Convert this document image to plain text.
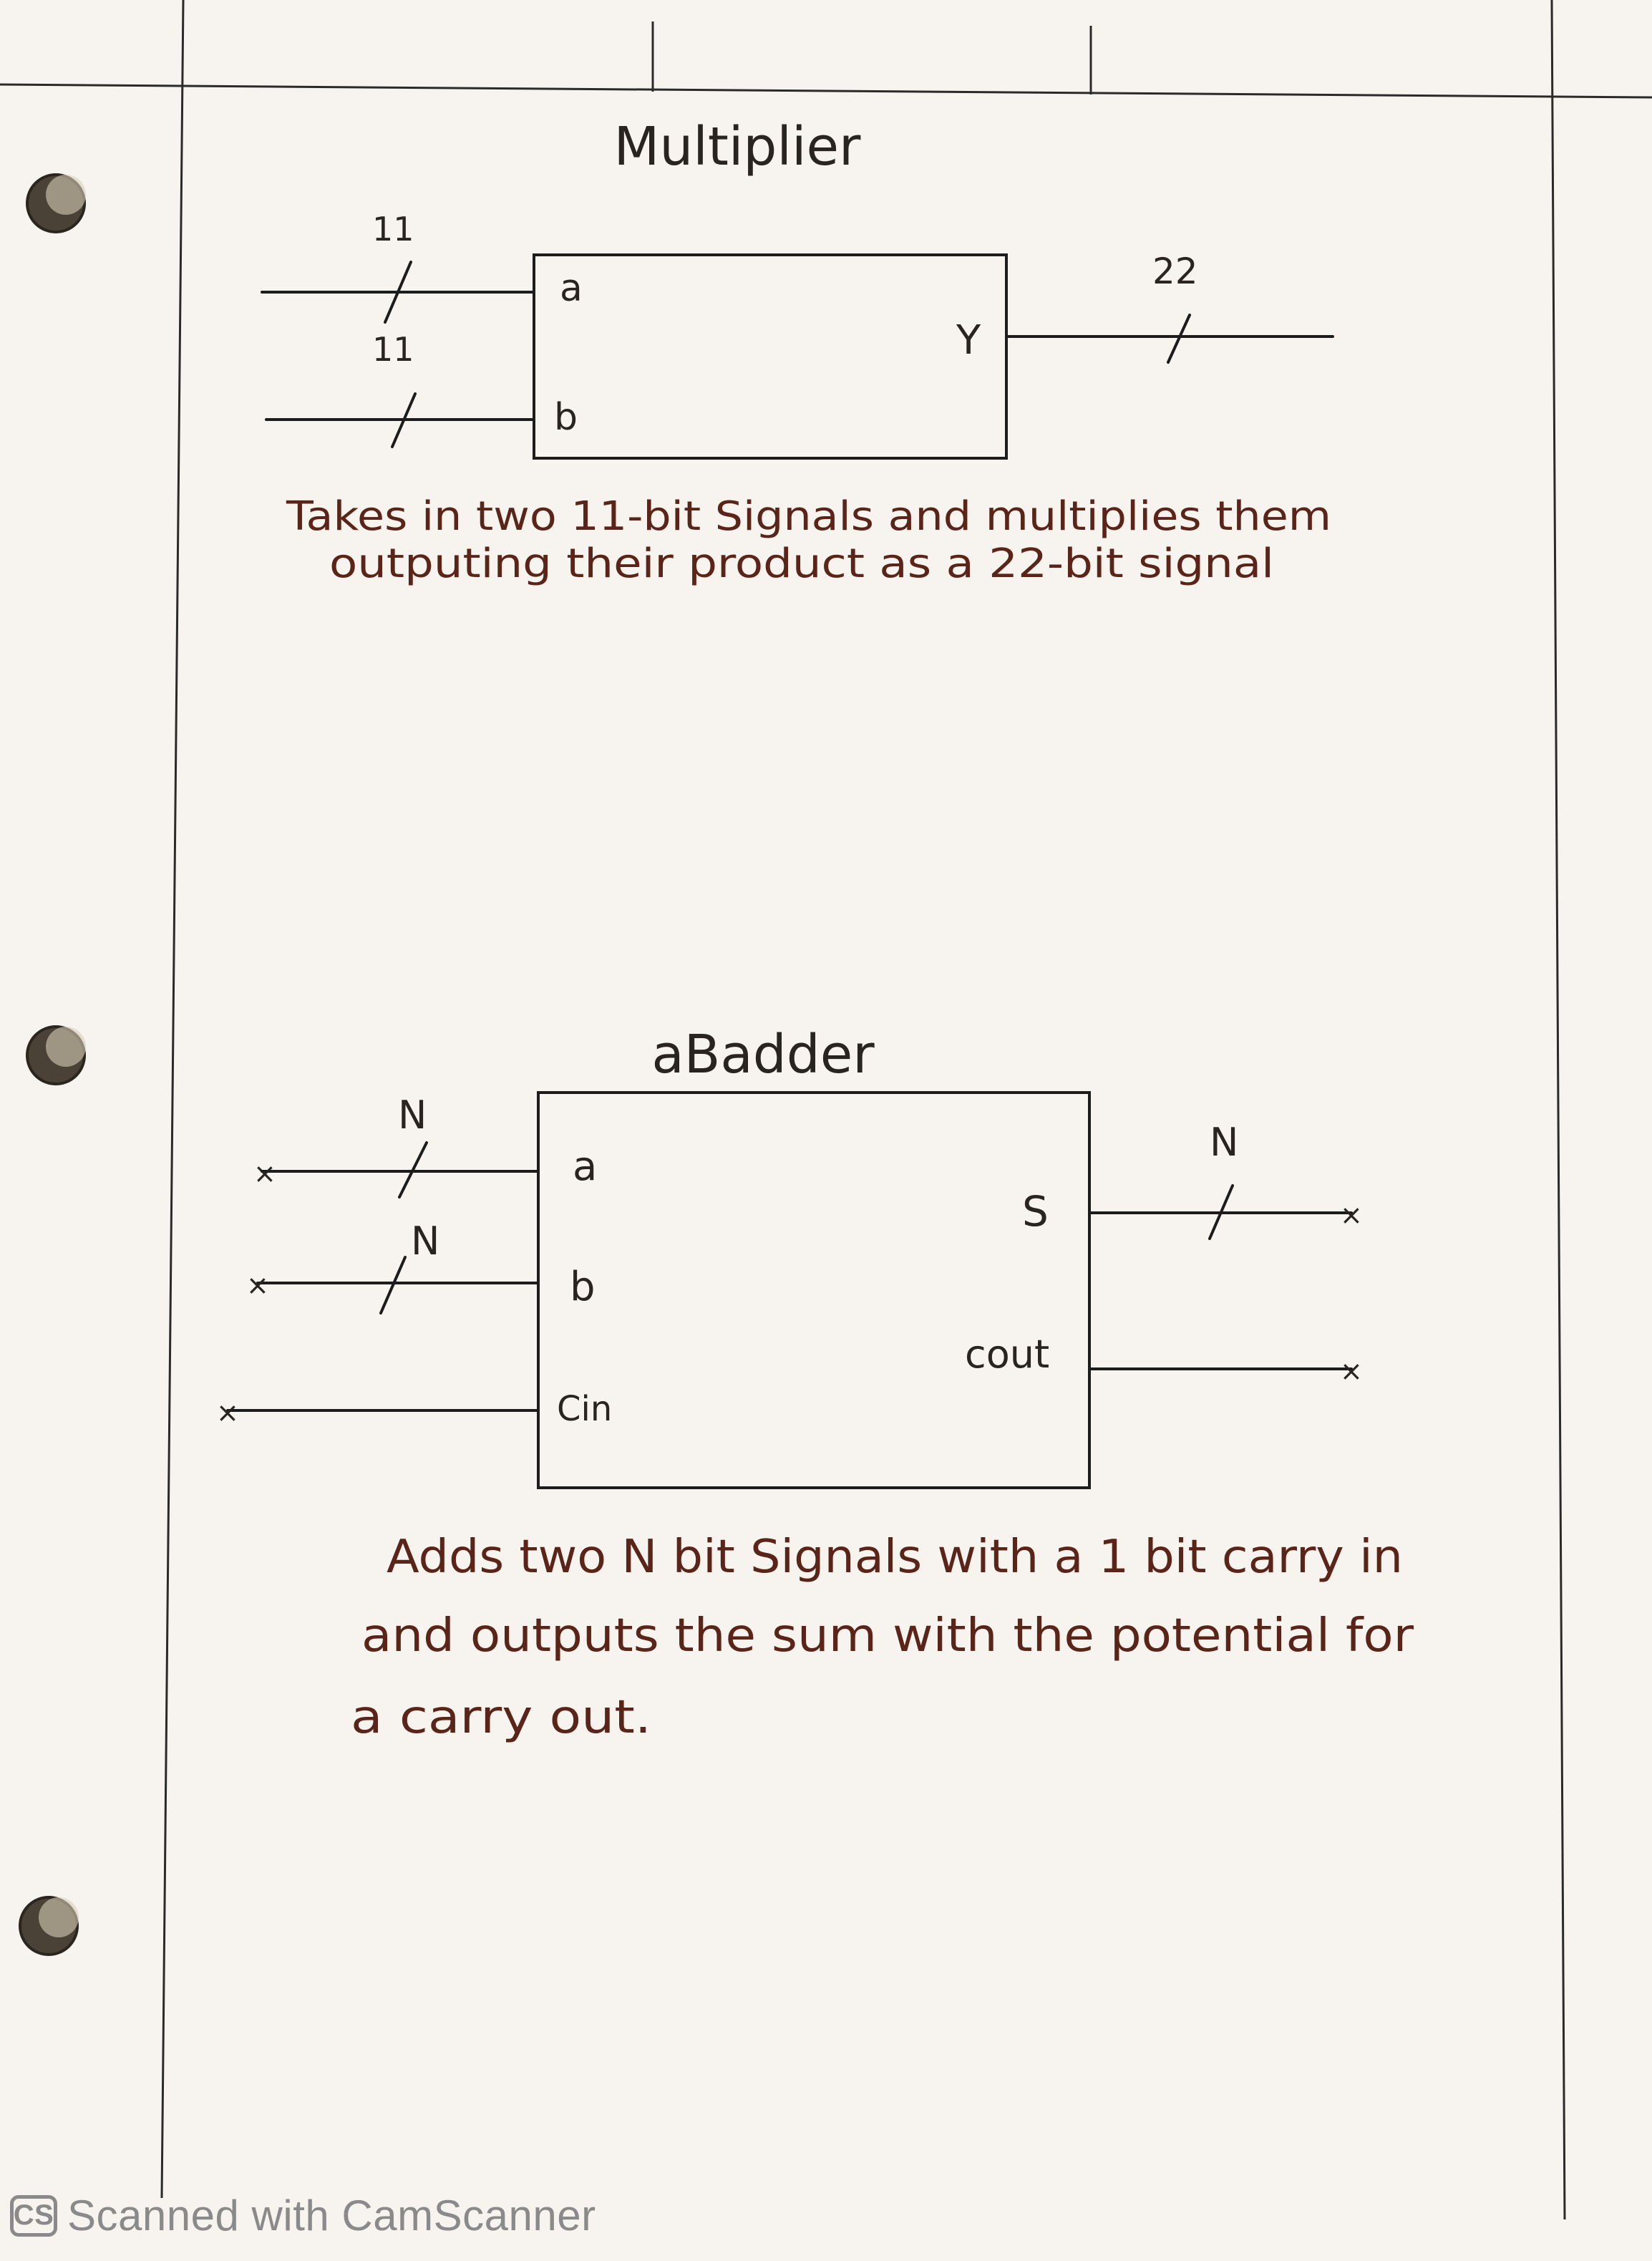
Multiplier
11
a
11
b
22
Y
Takes in two 11-bit Signals and multiplies them
outputing their product as a 22-bit signal
aBadder
×
N
a
×
N
b
×	Cin
×
N
S
×
cout
Adds two N bit Signals with a 1 bit carry in
and outputs the sum with the potential for
a carry out.
CS Scanned with CamScanner
